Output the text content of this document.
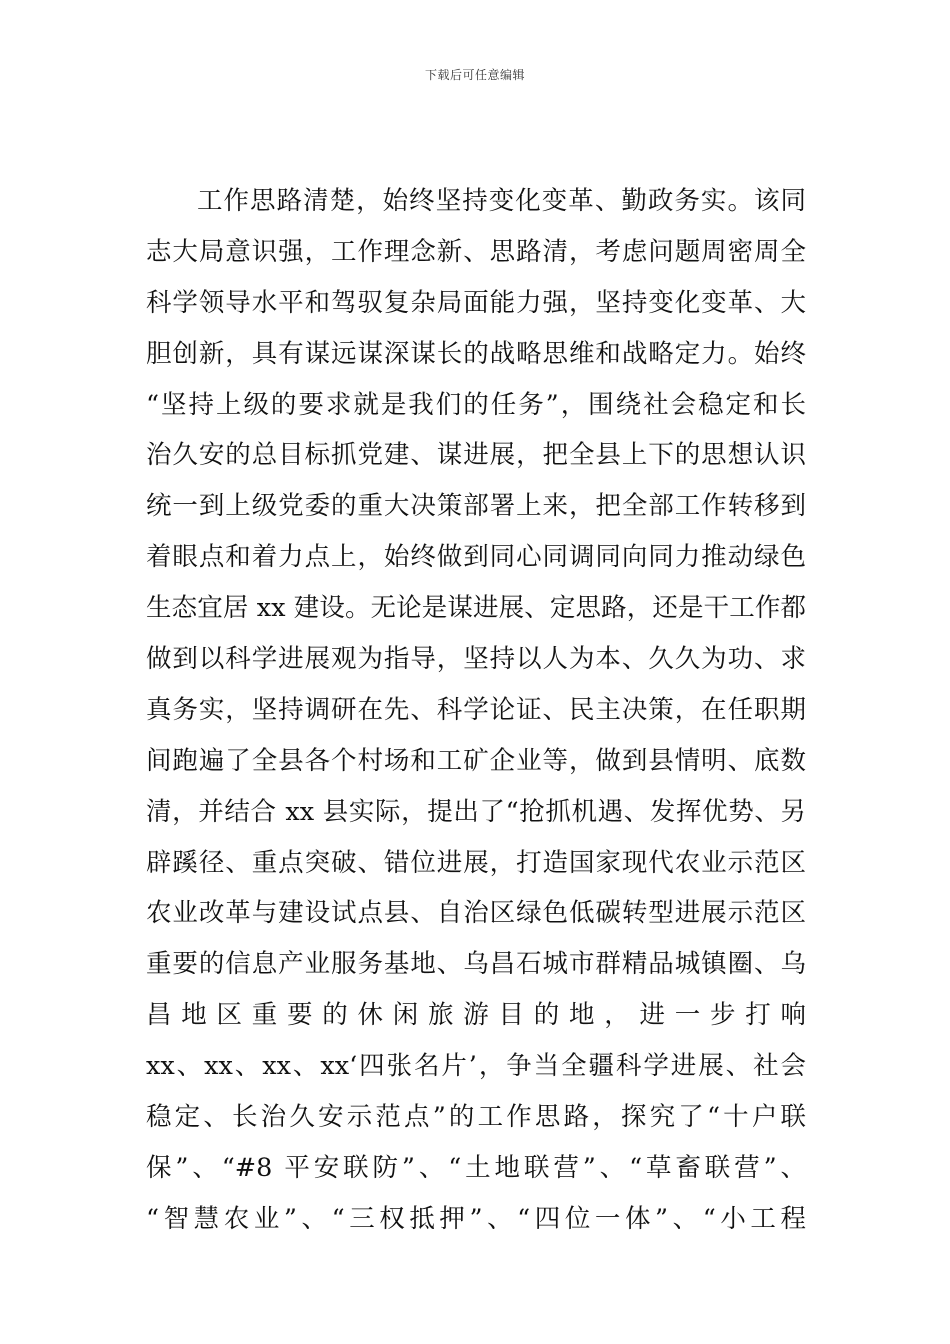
下载后可任意编辑
工作思路清楚，始终坚持变化变革、勤政务实。该同
志大局意识强，工作理念新、思路清，考虑问题周密周全
科学领导水平和驾驭复杂局面能力强，坚持变化变革、大
胆创新，具有谋远谋深谋长的战略思维和战略定力。始终
“坚持上级的要求就是我们的任务”，围绕社会稳定和长
治久安的总目标抓党建、谋进展，把全县上下的思想认识
统一到上级党委的重大决策部署上来，把全部工作转移到
着眼点和着力点上，始终做到同心同调同向同力推动绿色
生态宜居 xx 建设。无论是谋进展、定思路，还是干工作都
做到以科学进展观为指导，坚持以人为本、久久为功、求
真务实，坚持调研在先、科学论证、民主决策，在任职期
间跑遍了全县各个村场和工矿企业等，做到县情明、底数
清，并结合 xx 县实际，提出了“抢抓机遇、发挥优势、另
辟蹊径、重点突破、错位进展，打造国家现代农业示范区
农业改革与建设试点县、自治区绿色低碳转型进展示范区
重要的信息产业服务基地、乌昌石城市群精品城镇圈、乌
昌地区重要的休闲旅游目的地，进一步打响
xx、xx、xx、xx‘四张名片’，争当全疆科学进展、社会
稳定、长治久安示范点”的工作思路，探究了“十户联
保”、“#8 平安联防”、“土地联营”、“草畜联营”、
“智慧农业”、“三权抵押”、“四位一体”、“小工程
